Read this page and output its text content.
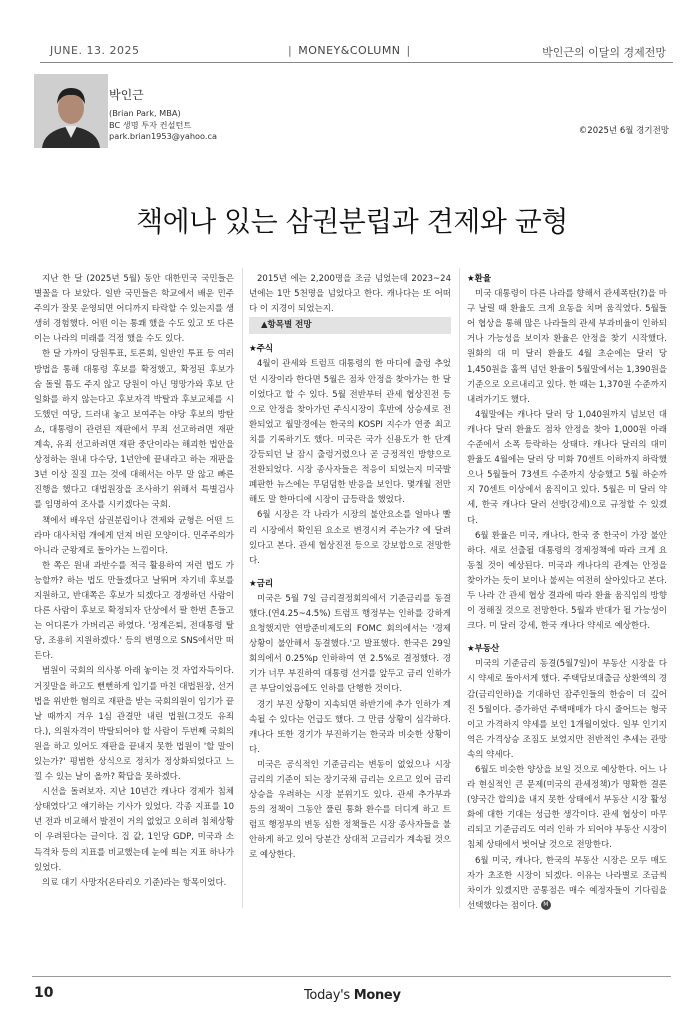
JUNE. 13. 2025	| MONEY&COLUMN |	박인근의 이달의 경제전망
박인근
(Brian Park, MBA)
BC 생명 투자 컨설턴트
park.brian1953@yahoo.ca	©2025년 6월 경기전망
책에나 있는 삼권분립과 견제와 균형

지난 한 달 (2025년 5월) 동안 대한민국 국민들은 별꼴을 다 보았다. 일반 국민들은 학교에서 배운 민주주의가 잘못 운영되면 어디까지 타락할 수 있는지를 생생히 경험했다. 어떤 이는 통쾌 했을 수도 있고 또 다른 이는 나라의 미래를 걱정 했을 수도 있다.

한 달 가까이 당원투표, 토론회, 일반인 투표 등 여러 방법을 통해 대통령 후보를 확정했고, 확정된 후보가 숨 돌릴 틈도 주지 않고 당원이 아닌 명망가와 후보 단일화를 하지 않는다고 후보자격 박탈과 후보교체를 시도했던 여당, 드러내 놓고 보여주는 야당 후보의 방탄쇼, 대통령이 관련된 재판에서 무죄 선고하려면 재판 계속, 유죄 선고하려면 재판 중단이라는 해괴한 법안을 상정하는 원내 다수당, 1년안에 끝내라고 하는 재판을 3년 이상 질질 끄는 것에 대해서는 아무 말 않고 빠른 진행을 했다고 대법원장을 조사하기 위해서 특별검사를 임명하여 조사를 시키겠다는 국회.

책에서 배우던 삼권분립이나 견제와 균형은 어떤 드라마 대사처럼 개에게 던져 버린 모양이다. 민주주의가 아니라 군왕제로 돌아가는 느낌이다.

한 쪽은 원내 과반수를 적극 활용하여 저런 법도 가능할까? 하는 법도 만들겠다고 날뛰며 자기네 후보를 지원하고, 반대쪽은 후보가 되겠다고 경쟁하던 사람이 다른 사람이 후보로 확정되자 단상에서 팔 한번 흔들고는 어디론가 가버리곤 하였다. '정계은퇴, 전대통령 탈당, 조용히 지원하겠다.' 등의 변명으로 SNS에서만 떠든다.

범원이 국회의 의사봉 아래 놓이는 것 자업자득이다. 거짓말을 하고도 뻔뻔하게 입기를 마친 대법원장, 선거법을 위반한 혐의로 재판을 받는 국회의원이 임기가 끝날 때까지 겨우 1심 관결만 내린 법원(그것도 유죄다.), 의원자격이 박탈되어야 할 사람이 두번째 국회의원을 하고 있어도 재판을 끝내지 못한 법원이 '할 말이 있는가?' 평범한 상식으로 정치가 정상화되었다고 느낄 수 있는 날이 올까? 확답을 못하겠다.

시선을 돌려보자. 지난 10년간 캐나다 경제가 침체상태였다'고 얘기하는 기사가 있었다. 각종 지표를 10년 전과 비교해서 발전이 거의 없었고 오히려 침체상황이 우려된다는 글이다. 집 값, 1인당 GDP, 미국과 소득격차 등의 지표를 비교했는데 눈에 띄는 지표 하나가 있었다.

의료 대기 사망자(온타리오 기준)라는 항목이었다.

2015년 에는 2,200명을 조금 넘었는데 2023~24년에는 1만 5천명을 넘었다고 한다. 캐나다는 또 어떠다 이 지경이 되었는지.

▲항목별 전망

★주식

4월이 관세와 트럼프 대통령의 한 마디에 출렁 추었던 시장이라 한다면 5월은 점차 안정을 찾아가는 한 달이었다고 할 수 있다. 5월 전반부터 관세 협상진전 등으로 안정을 찾아가던 주식시장이 후반에 상승세로 전환되었고 월말경에는 한국의 KOSPI 지수가 연중 최고치를 기록하기도 했다. 미국은 국가 신용도가 한 단계 강등되던 날 잠시 출렁거렸으나 곧 긍정적인 방향으로 전환되었다. 시장 종사자들은 적응이 되었는지 미국발 폐판한 뉴스에는 무덤덤한 반응을 보인다. 몇개월 전만해도 말 한마디에 시장이 급등락을 했었다.

6월 시장은 각 나라가 시장의 불안요소를 얼마나 빨리 시장에서 확인된 요소로 변경시켜 주는가? 에 달려있다고 본다. 관세 협상진전 등으로 강보합으로 전망한다.

★금리

미국은 5월 7일 금리결정회의에서 기준금리를 동결했다.(연4.25~4.5%) 트럼프 행정부는 인하를 강하게 요청했지만 연방준비제도의 FOMC 회의에서는 '경제상황이 불안해서 동결했다.'고 발표했다. 한국은 29일 회의에서 0.25%p 인하하여 연 2.5%로 결정했다. 경기가 너무 부진하여 대통령 선거를 앞두고 금리 인하가 큰 부담이었음에도 인하를 단행한 것이다.

경기 부진 상황이 지속되면 하반기에 추가 인하가 계속될 수 있다는 언급도 했다. 그 만큼 상황이 심각하다. 캐나다 또한 경기가 부진하기는 한국과 비슷한 상황이다.

미국은 공식적인 기준금리는 변동이 없었으나 시장금리의 기준이 되는 장기국채 금리는 오르고 있어 금리상승을 우려하는 시장 분위기도 있다. 관세 추가부과 등의 정책이 그동안 풀린 통화 환수를 더디게 하고 트럼프 행정부의 변동 심한 정책들은 시장 종사자들을 불안하게 하고 있어 당분간 상대적 고금리가 계속될 것으로 예상한다.

★환율

미국 대통령이 다른 나라를 향해서 관세폭탄(?)을 마구 날릴 때 환율도 크게 요동을 치며 움직였다. 5월들어 협상을 통해 많은 나라들의 관세 부과비율이 인하되거나 가능성을 보이자 환율은 안정을 찾기 시작했다. 원화의 대 미 달러 환율도 4월 초순에는 달러 당 1,450원을 훌쩍 넘던 환율이 5월말에서는 1,390원을 기준으로 오르내리고 있다. 한 때는 1,370원 수준까지 내려가기도 했다.

4월말에는 캐나다 달러 당 1,040원까지 넘보던 대캐나다 달러 환율도 점차 안정을 찾아 1,000원 아래 수준에서 소폭 등락하는 상태다. 캐나다 달러의 대미 환율도 4월에는 달러 당 미화 70센트 이하까지 하락했으나 5월들어 73센트 수준까지 상승했고 5월 하순까지 70센트 이상에서 움직이고 있다. 5월은 미 달러 약세, 한국 캐나다 달러 선방(강세)으로 규정할 수 있겠다.

6월 환율은 미국, 캐나다, 한국 중 한국이 가장 불안하다. 새로 선출될 대통령의 경제정책에 따라 크게 요동칠 것이 예상된다. 미국과 캐나다의 관계는 안정을 찾아가는 듯이 보이나 불씨는 여전히 살아있다고 본다. 두 나라 간 관세 협상 결과에 따라 환율 움직임의 방향이 정해질 것으로 전망한다. 5월과 반대가 될 가능성이 크다. 미 달러 강세, 한국 캐나다 약세로 예상한다.

★부동산

미국의 기준금리 동결(5월7일)이 부동산 시장을 다시 약세로 돌아서게 했다. 주택담보대출금 상환액의 경감(금리인하)을 기대하던 잠주인들의 한숨이 더 깊어진 5월이다. 증가하던 주택매매가 다시 줄어드는 형국이고 가격하지 약세를 보인 1개월이었다. 일부 인기지역은 가격상승 조짐도 보였지만 전반적인 추세는 관망속의 약세다.

6월도 비슷한 양상을 보일 것으로 예상한다. 어느 나라 현실적인 큰 문제(미국의 관세정책)가 명확한 결론(양국간 합의)을 내지 못한 상태에서 부동산 시장 활성화에 대한 기대는 성급한 생각이다. 관세 협상이 마무리되고 기준금리도 여러 인하 가 되어야 부동산 시장이 침체 상태에서 벗어날 것으로 전망한다.

6월 미국, 캐나다, 한국의 부동산 시장은 모두 매도자가 초조한 시장이 되겠다. 이유는 나라별로 조금씩 차이가 있겠지만 공통점은 매수 예정자들이 기다림을 선택했다는 점이다. M

10	Today's Money
